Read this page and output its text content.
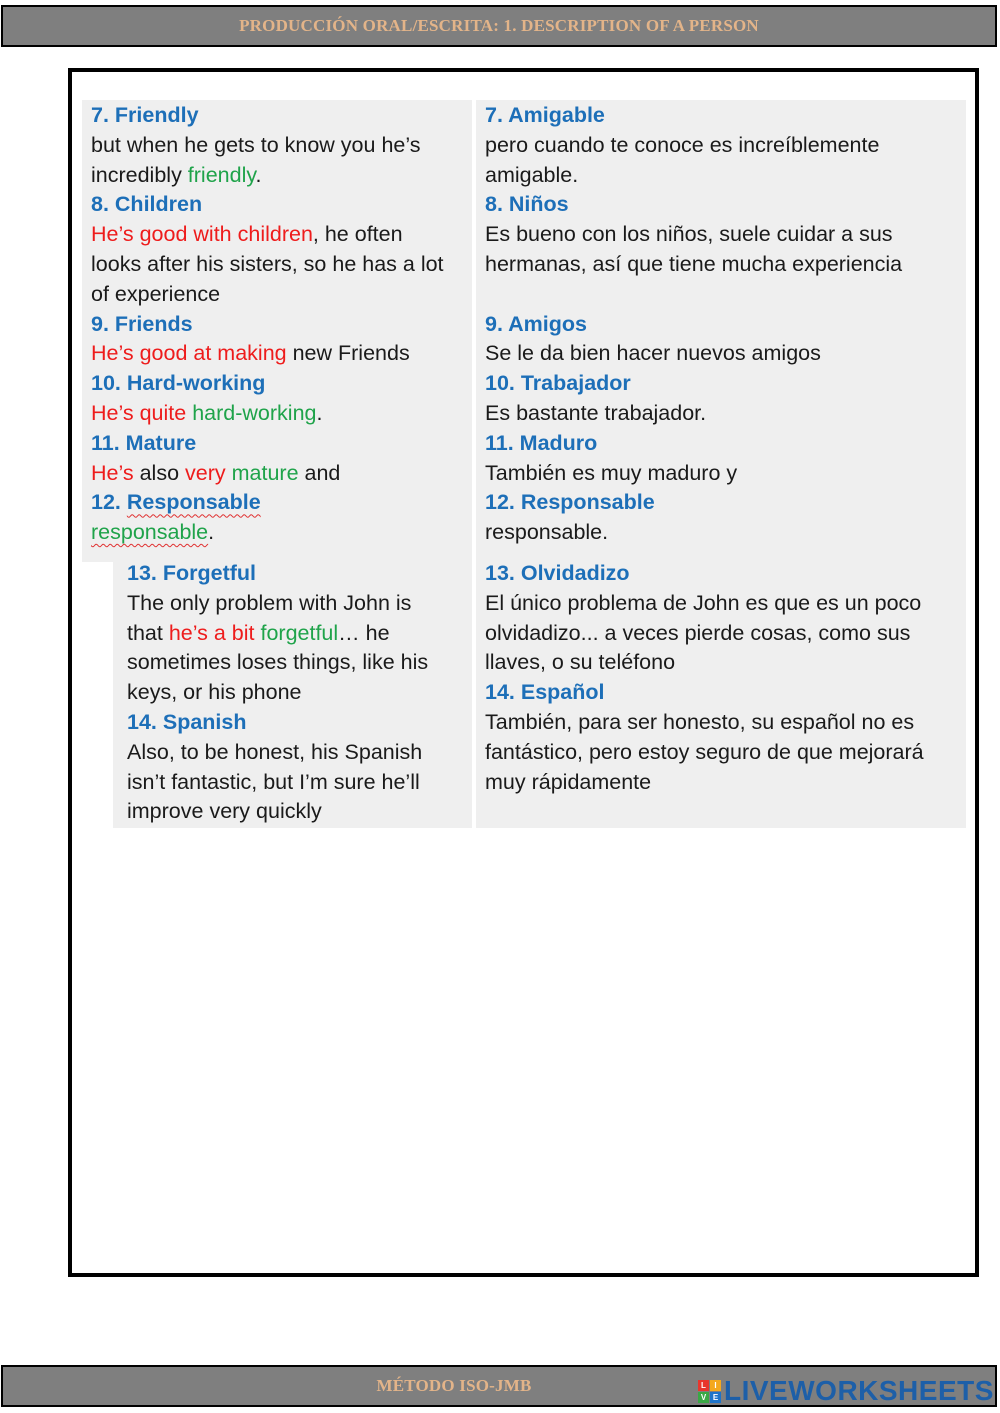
PRODUCCIÓN ORAL/ESCRITA: 1. DESCRIPTION OF A PERSON

7. Friendly

but when he gets to know you he’s

incredibly friendly.

8. Children

He’s good with children, he often

looks after his sisters, so he has a lot

of experience

9. Friends

He’s good at making new Friends

10. Hard-working

He’s quite hard-working.

11. Mature

He’s also very mature and

12. Responsable

responsable.

13. Forgetful

The only problem with John is

that he’s a bit forgetful… he

sometimes loses things, like his

keys, or his phone

14. Spanish

Also, to be honest, his Spanish

isn’t fantastic, but I’m sure he’ll

improve very quickly

7. Amigable

pero cuando te conoce es increíblemente

amigable.

8. Niños

Es bueno con los niños, suele cuidar a sus

hermanas, así que tiene mucha experiencia

9. Amigos

Se le da bien hacer nuevos amigos

10. Trabajador

Es bastante trabajador.

11. Maduro

También es muy maduro y

12. Responsable

responsable.

13. Olvidadizo

El único problema de John es que es un poco

olvidadizo... a veces pierde cosas, como sus

llaves, o su teléfono

14. Español

También, para ser honesto, su español no es

fantástico, pero estoy seguro de que mejorará

muy rápidamente

MÉTODO ISO-JMB	L	I
V E LIVEWORKSHEETS
